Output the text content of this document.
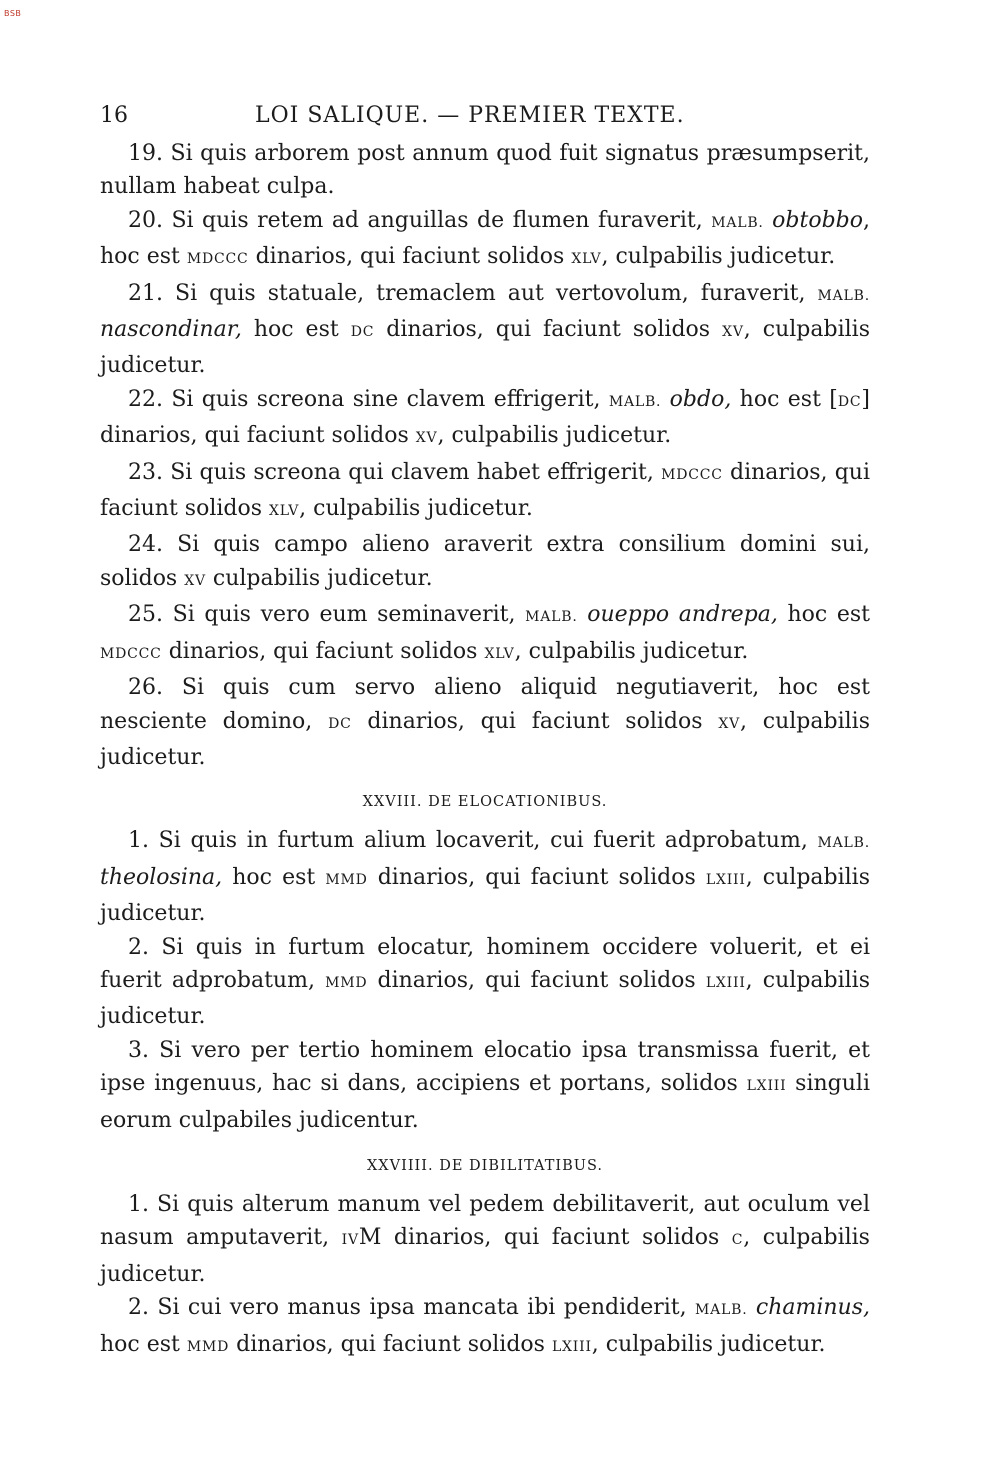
BSB
16	LOI SALIQUE. — PREMIER TEXTE.

19. Si quis arborem post annum quod fuit signatus præsumpserit, nullam habeat culpa.

20. Si quis retem ad anguillas de flumen furaverit, MALB. obtobbo, hoc est MDCCC dinarios, qui faciunt solidos XLV, culpabilis judicetur.

21. Si quis statuale, tremaclem aut vertovolum, furaverit, MALB. nascondinar, hoc est DC dinarios, qui faciunt solidos XV, culpabilis judicetur.

22. Si quis screona sine clavem effrigerit, MALB. obdo, hoc est [DC] dinarios, qui faciunt solidos XV, culpabilis judicetur.

23. Si quis screona qui clavem habet effrigerit, MDCCC dinarios, qui faciunt solidos XLV, culpabilis judicetur.

24. Si quis campo alieno araverit extra consilium domini sui, solidos XV culpabilis judicetur.

25. Si quis vero eum seminaverit, MALB. oueppo andrepa, hoc est MDCCC dinarios, qui faciunt solidos XLV, culpabilis judicetur.

26. Si quis cum servo alieno aliquid negutiaverit, hoc est nesciente domino, DC dinarios, qui faciunt solidos XV, culpabilis judicetur.

XXVIII. DE ELOCATIONIBUS.

1. Si quis in furtum alium locaverit, cui fuerit adprobatum, MALB. theolosina, hoc est MMD dinarios, qui faciunt solidos LXIII, culpabilis judicetur.

2. Si quis in furtum elocatur, hominem occidere voluerit, et ei fuerit adprobatum, MMD dinarios, qui faciunt solidos LXIII, culpabilis judicetur.

3. Si vero per tertio hominem elocatio ipsa transmissa fuerit, et ipse ingenuus, hac si dans, accipiens et portans, solidos LXIII singuli eorum culpabiles judicentur.

XXVIIII. DE DIBILITATIBUS.

1. Si quis alterum manum vel pedem debilitaverit, aut oculum vel nasum amputaverit, IVM dinarios, qui faciunt solidos C, culpabilis judicetur.

2. Si cui vero manus ipsa mancata ibi pendiderit, MALB. chaminus, hoc est MMD dinarios, qui faciunt solidos LXIII, culpabilis judicetur.
